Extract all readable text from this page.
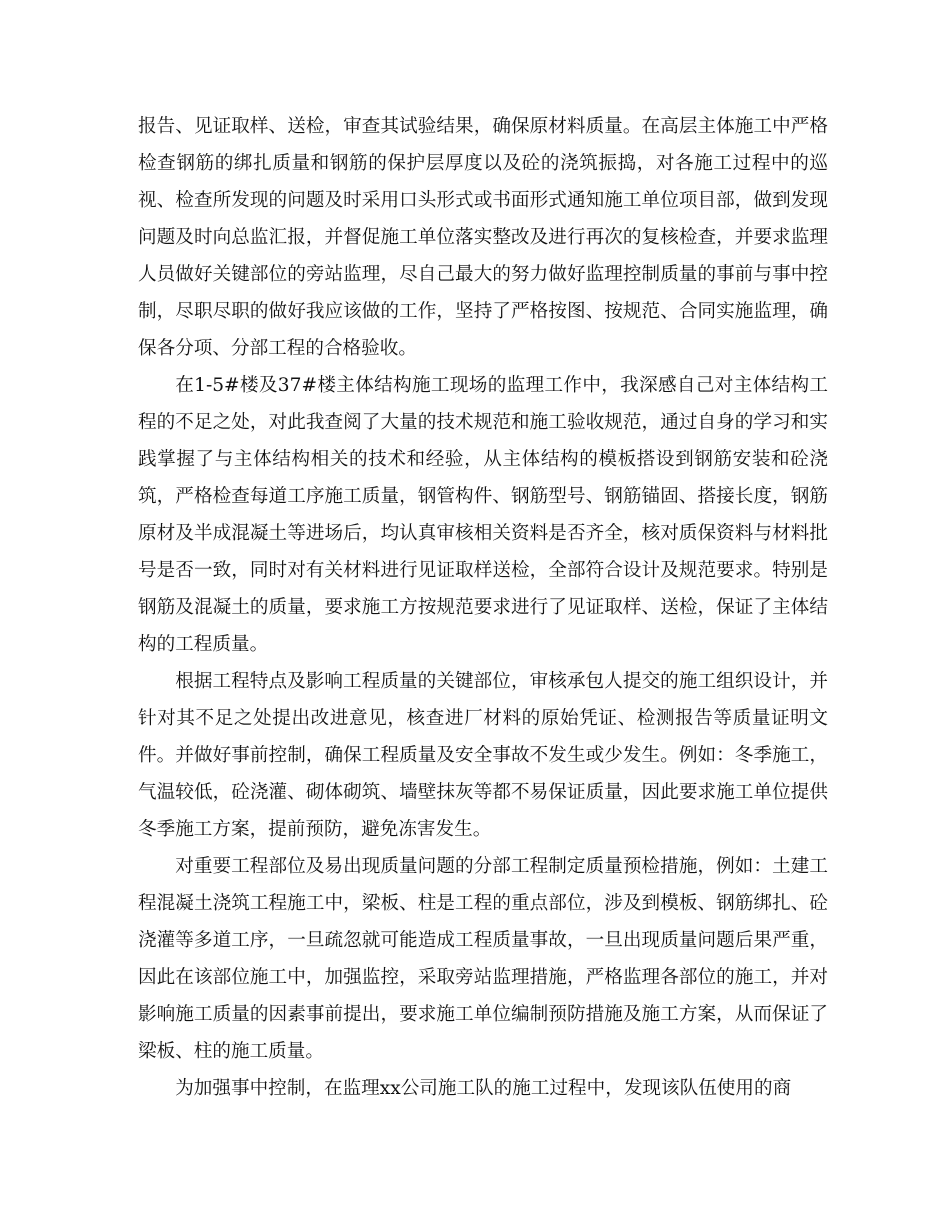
报告、见证取样、送检，审查其试验结果，确保原材料质量。在高层主体施工中严格检查钢筋的绑扎质量和钢筋的保护层厚度以及砼的浇筑振捣，对各施工过程中的巡视、检查所发现的问题及时采用口头形式或书面形式通知施工单位项目部，做到发现问题及时向总监汇报，并督促施工单位落实整改及进行再次的复核检查，并要求监理人员做好关键部位的旁站监理，尽自己最大的努力做好监理控制质量的事前与事中控制，尽职尽职的做好我应该做的工作，坚持了严格按图、按规范、合同实施监理，确保各分项、分部工程的合格验收。

在1-5#楼及37#楼主体结构施工现场的监理工作中，我深感自己对主体结构工程的不足之处，对此我查阅了大量的技术规范和施工验收规范，通过自身的学习和实践掌握了与主体结构相关的技术和经验，从主体结构的模板搭设到钢筋安装和砼浇筑，严格检查每道工序施工质量，钢管构件、钢筋型号、钢筋锚固、搭接长度，钢筋原材及半成混凝土等进场后，均认真审核相关资料是否齐全，核对质保资料与材料批号是否一致，同时对有关材料进行见证取样送检，全部符合设计及规范要求。特别是钢筋及混凝土的质量，要求施工方按规范要求进行了见证取样、送检，保证了主体结构的工程质量。

根据工程特点及影响工程质量的关键部位，审核承包人提交的施工组织设计，并针对其不足之处提出改进意见，核查进厂材料的原始凭证、检测报告等质量证明文件。并做好事前控制，确保工程质量及安全事故不发生或少发生。例如：冬季施工，气温较低，砼浇灌、砌体砌筑、墙壁抹灰等都不易保证质量，因此要求施工单位提供冬季施工方案，提前预防，避免冻害发生。

对重要工程部位及易出现质量问题的分部工程制定质量预检措施，例如：土建工程混凝土浇筑工程施工中，梁板、柱是工程的重点部位，涉及到模板、钢筋绑扎、砼浇灌等多道工序，一旦疏忽就可能造成工程质量事故，一旦出现质量问题后果严重，因此在该部位施工中，加强监控，采取旁站监理措施，严格监理各部位的施工，并对影响施工质量的因素事前提出，要求施工单位编制预防措施及施工方案，从而保证了梁板、柱的施工质量。

为加强事中控制，在监理xx公司施工队的施工过程中，发现该队伍使用的商
